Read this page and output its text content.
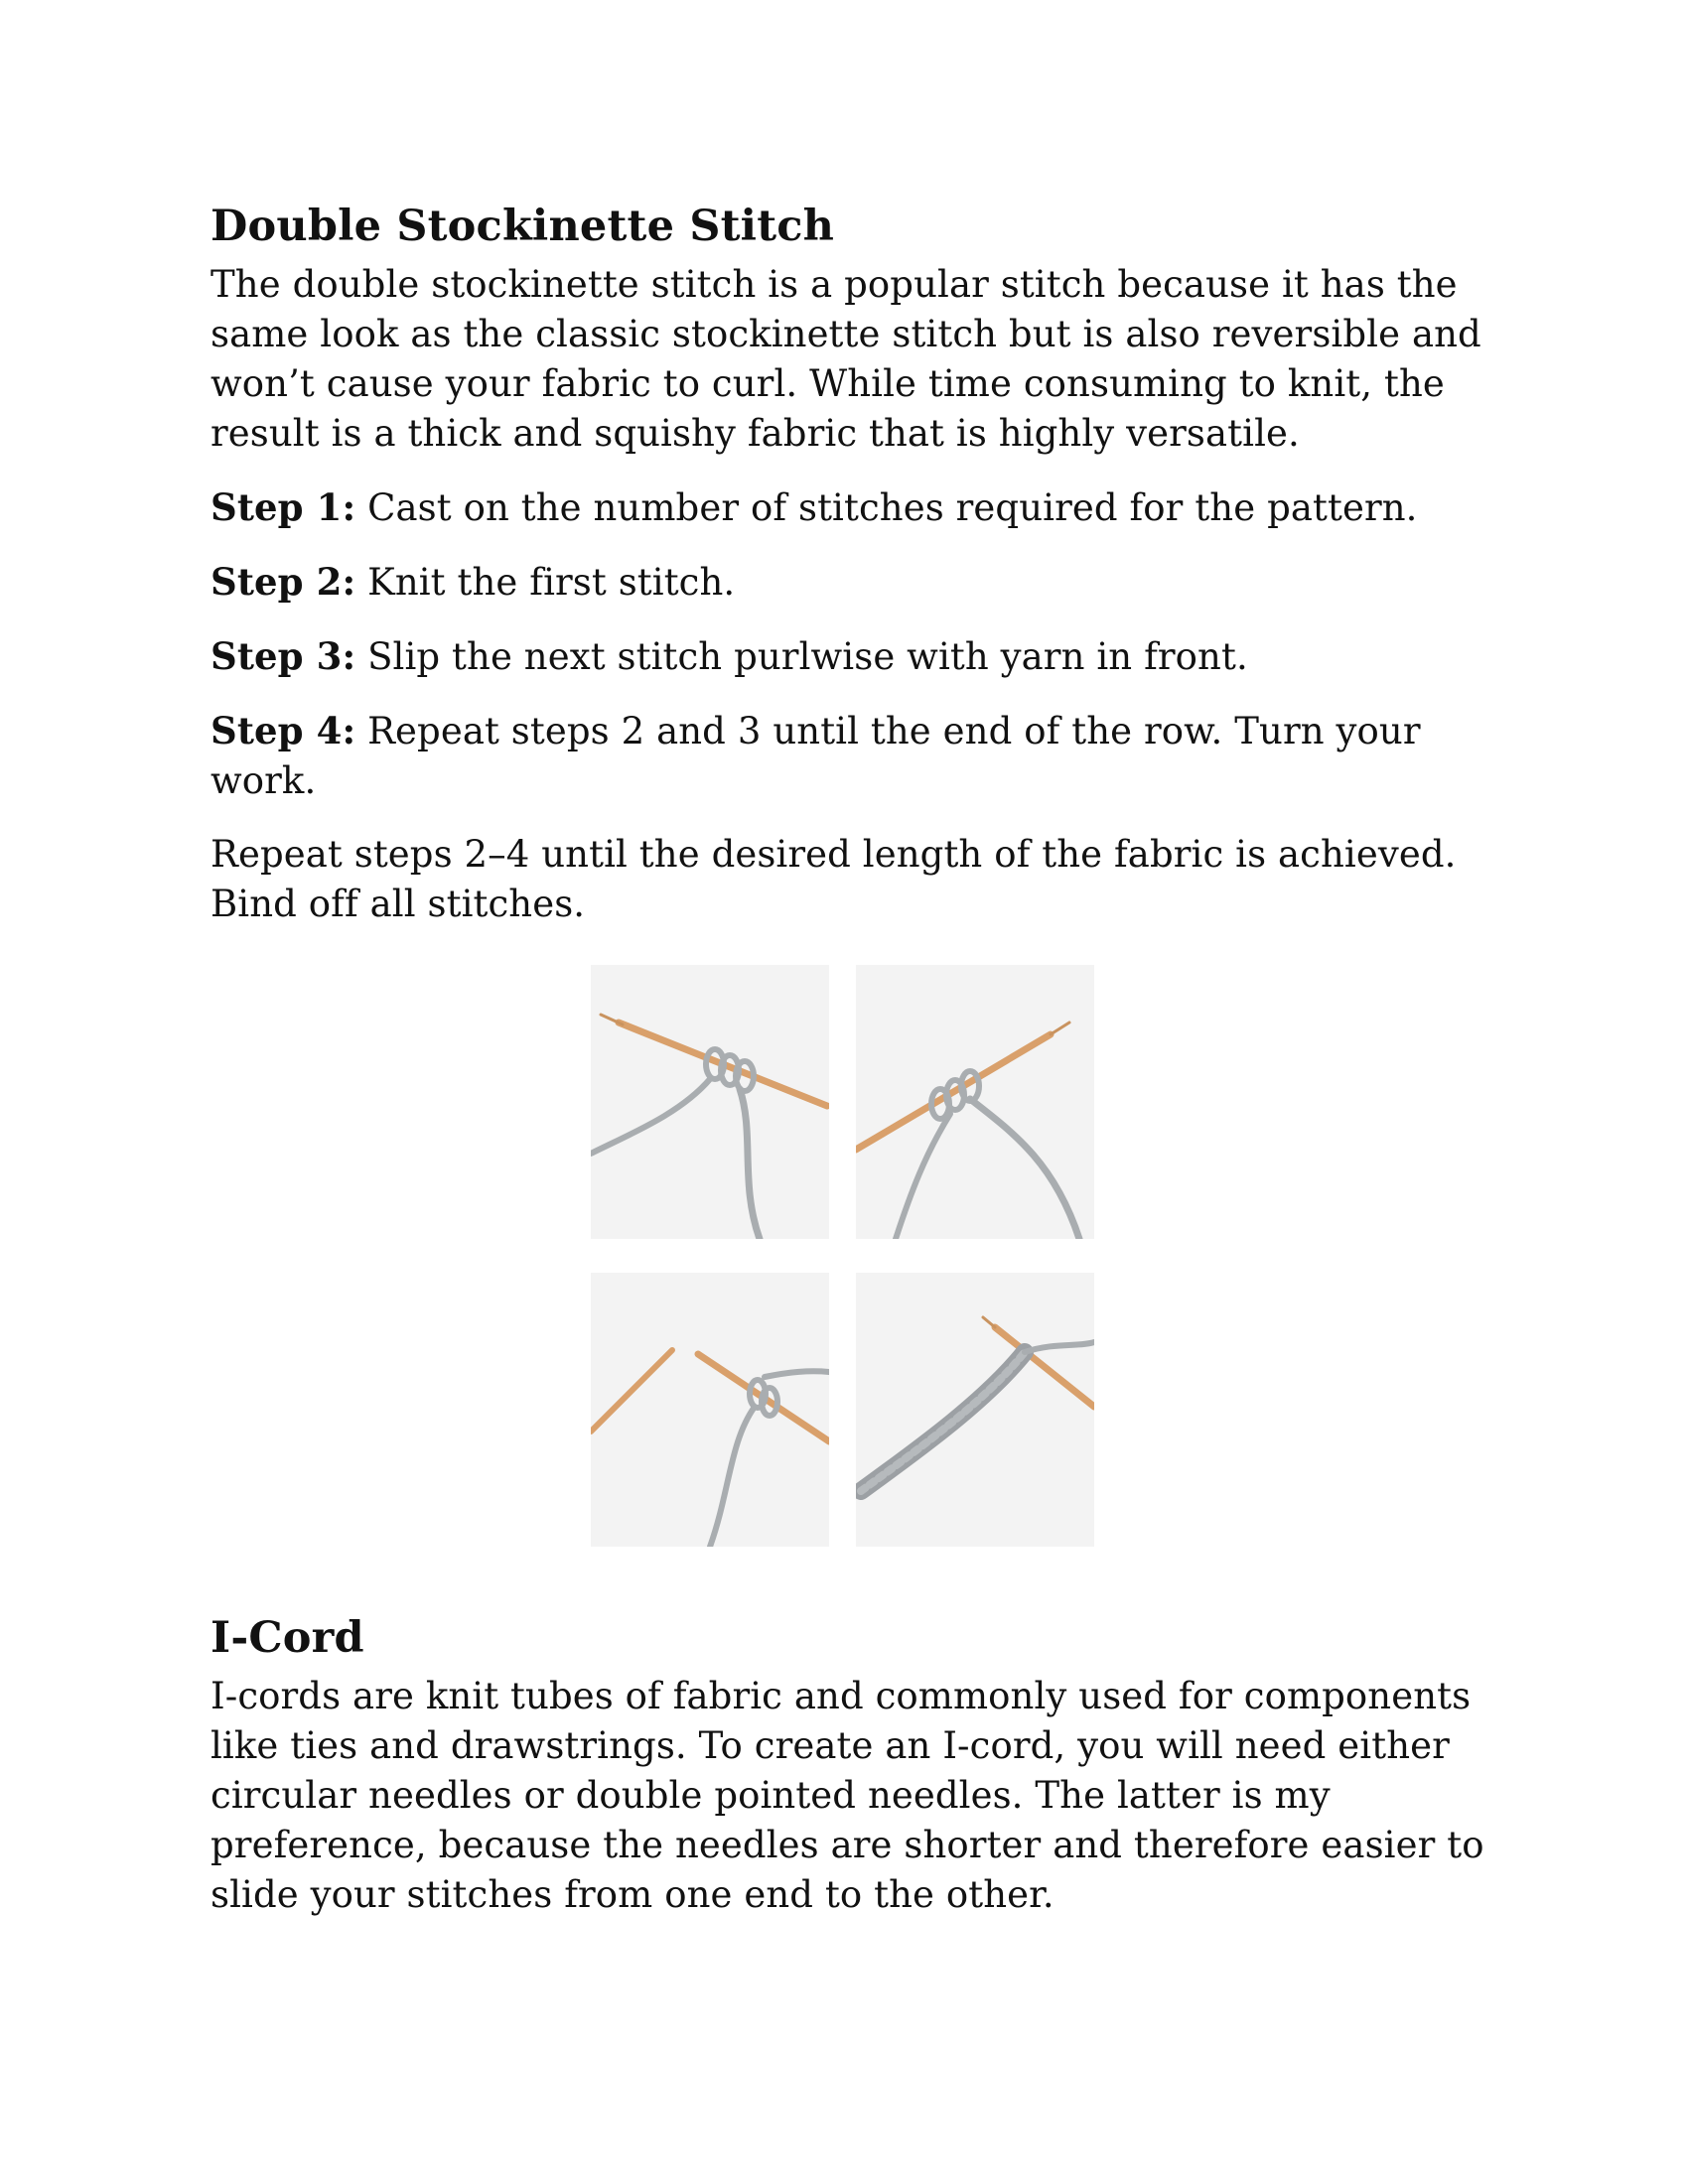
Double Stockinette Stitch

The double stockinette stitch is a popular stitch because it has the same look as the classic stockinette stitch but is also reversible and won’t cause your fabric to curl. While time consuming to knit, the result is a thick and squishy fabric that is highly versatile.

Step 1: Cast on the number of stitches required for the pattern.

Step 2: Knit the first stitch.

Step 3: Slip the next stitch purlwise with yarn in front.

Step 4: Repeat steps 2 and 3 until the end of the row. Turn your work.

Repeat steps 2–4 until the desired length of the fabric is achieved. Bind off all stitches.

I-Cord

I-cords are knit tubes of fabric and commonly used for components like ties and drawstrings. To create an I-cord, you will need either circular needles or double pointed needles. The latter is my preference, because the needles are shorter and therefore easier to slide your stitches from one end to the other.
